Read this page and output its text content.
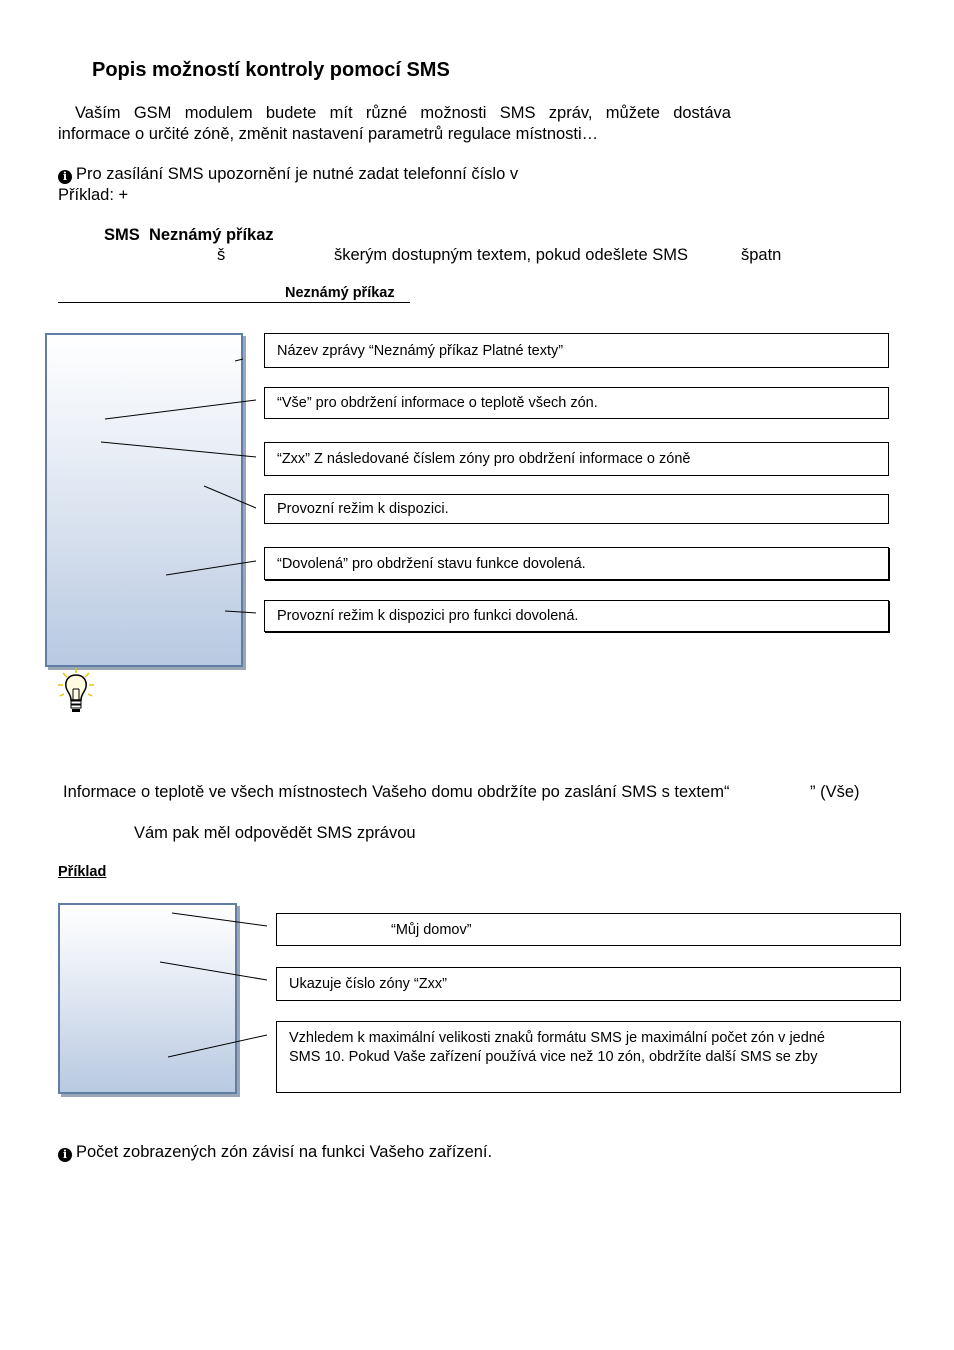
Popis možností kontroly pomocí SMS
Vaším GSM modulem budete mít různé možnosti SMS zpráv, můžete dostáva
informace o určité zóně, změnit nastavení parametrů regulace místnosti…
i Pro zasílání SMS upozornění je nutné zadat telefonní číslo v
Příklad: +
SMS Neznámý příkaz
š	škerým dostupným textem, pokud odešlete SMS	špatn
Neznámý příkaz
Název zprávy “Neznámý příkaz Platné texty”
“Vše” pro obdržení informace o teplotě všech zón.
“Zxx” Z následované číslem zóny pro obdržení informace o zóně
Provozní režim k dispozici.
“Dovolená” pro obdržení stavu funkce dovolená.
Provozní režim k dispozici pro funkci dovolená.
Informace o teplotě ve všech místnostech Vašeho domu obdržíte po zaslání SMS s textem“	” (Vše)
Vám pak měl odpovědět SMS zprávou
Příklad
“Můj domov”
Ukazuje číslo zóny “Zxx”
Vzhledem k maximální velikosti znaků formátu SMS je maximální počet zón v jedné
SMS 10. Pokud Vaše zařízení používá vice než 10 zón, obdržíte další SMS se zby
i Počet zobrazených zón závisí na funkci Vašeho zařízení.
